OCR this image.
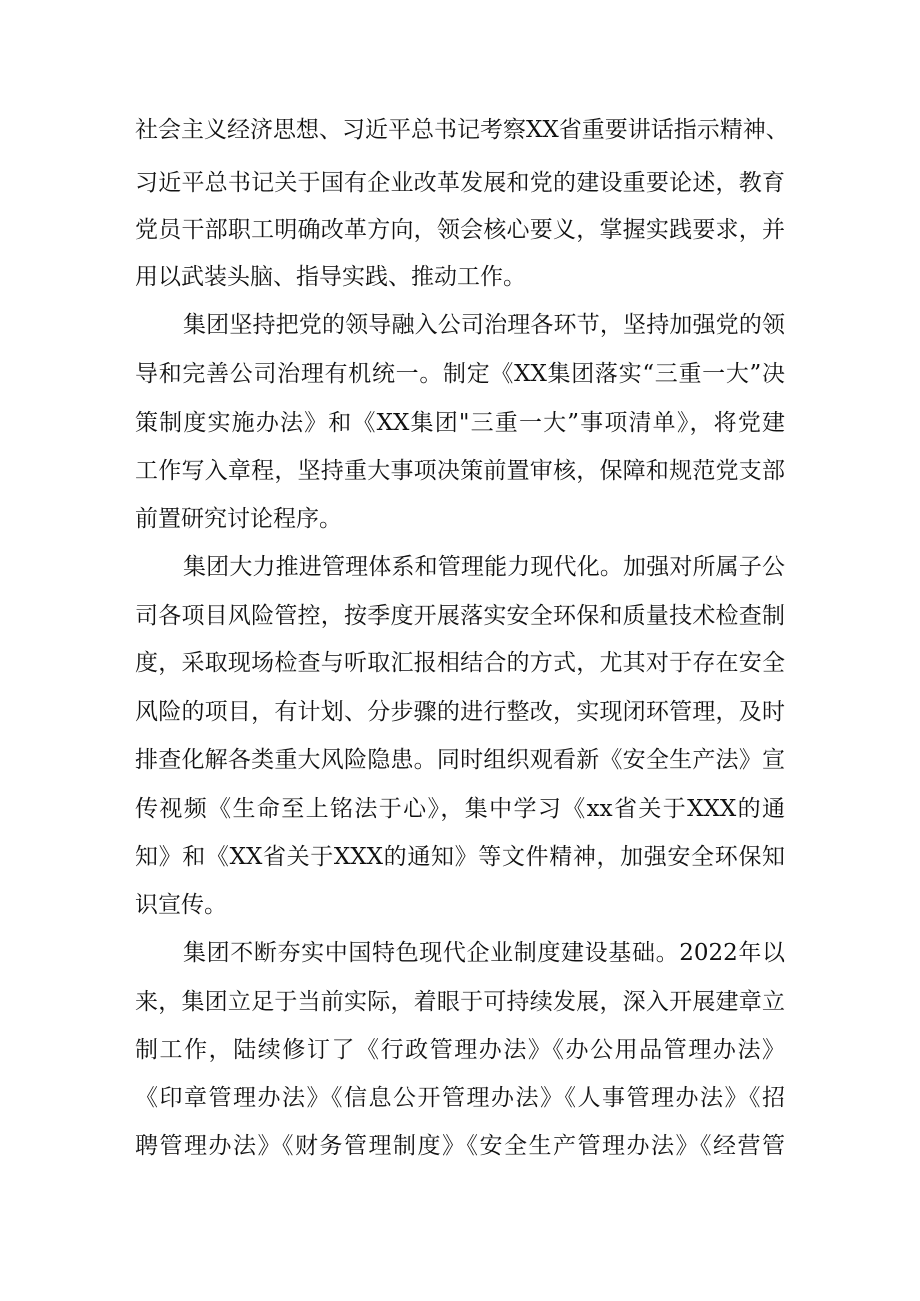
社会主义经济思想、习近平总书记考察XX省重要讲话指示精神、
习近平总书记关于国有企业改革发展和党的建设重要论述，教育
党员干部职工明确改革方向，领会核心要义，掌握实践要求，并
用以武装头脑、指导实践、推动工作。
集团坚持把党的领导融入公司治理各环节，坚持加强党的领
导和完善公司治理有机统一。制定《XX集团落实“三重一大”决
策制度实施办法》和《XX集团"三重一大”事项清单》，将党建
工作写入章程，坚持重大事项决策前置审核，保障和规范党支部
前置研究讨论程序。
集团大力推进管理体系和管理能力现代化。加强对所属子公
司各项目风险管控，按季度开展落实安全环保和质量技术检查制
度，采取现场检查与听取汇报相结合的方式，尤其对于存在安全
风险的项目，有计划、分步骤的进行整改，实现闭环管理，及时
排查化解各类重大风险隐患。同时组织观看新《安全生产法》宣
传视频《生命至上铭法于心》，集中学习《xx省关于XXX的通
知》和《XX省关于XXX的通知》等文件精神，加强安全环保知
识宣传。
集团不断夯实中国特色现代企业制度建设基础。2022年以
来，集团立足于当前实际，着眼于可持续发展，深入开展建章立
制工作，陆续修订了《行政管理办法》《办公用品管理办法》
《印章管理办法》《信息公开管理办法》《人事管理办法》《招
聘管理办法》《财务管理制度》《安全生产管理办法》《经营管
